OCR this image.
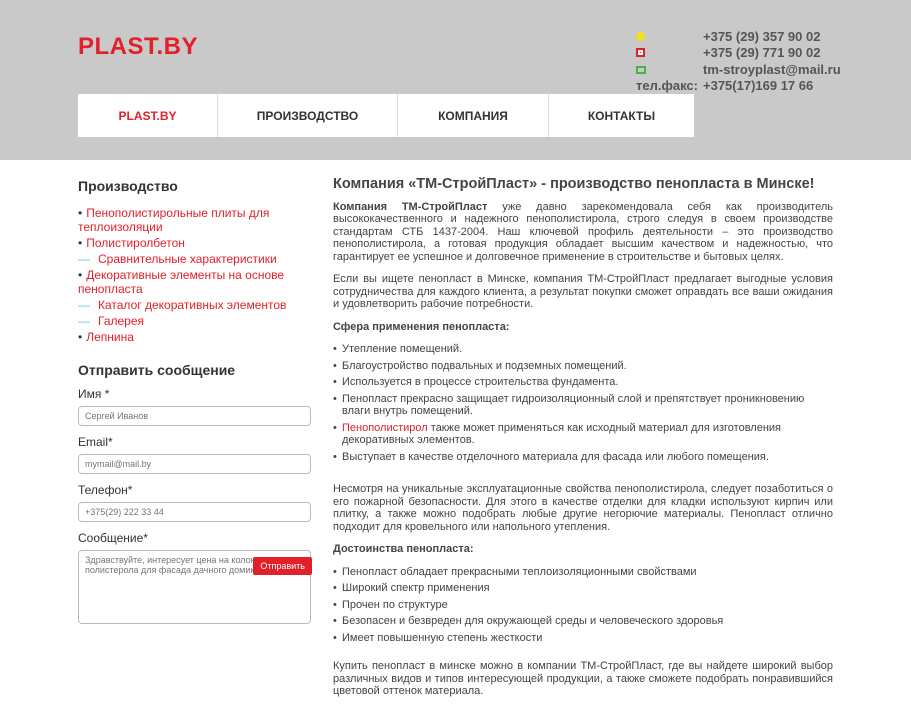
PLAST.BY	+375 (29) 357 90 02
+375 (29) 771 90 02
tm-stroyplast@mail.ru
тел.факс: +375(17)169 17 66
PLAST.BY	ПРОИЗВОДСТВО	КОМПАНИЯ	КОНТАКТЫ
Производство
• Пенополистирольные плиты для теплоизоляции
• Полистиролбетон
— Сравнительные характеристики
• Декоративные элементы на основе пенопласта
— Каталог декоративных элементов
— Галерея
• Лепнина
Отправить сообщение
Имя *
Сергей Иванов
Email*
mymail@mail.by
Телефон*
+375(29) 222 33 44
Сообщение*
Здравствуйте, интересует цена на колонны из полистерола для фасада дачного домика. Спасибо.
Отправить
Компания «ТМ-СтройПласт» - производство пенопласта в Минске!

Компания ТМ-СтройПласт уже давно зарекомендовала себя как производитель высококачественного и надежного пенополистирола, строго следуя в своем производстве стандартам СТБ 1437-2004. Наш ключевой профиль деятельности – это производство пенополистирола, а готовая продукция обладает высшим качеством и надежностью, что гарантирует ее успешное и долговечное применение в строительстве и бытовых целях.

Если вы ищете пенопласт в Минске, компания ТМ-СтройПласт предлагает выгодные условия сотрудничества для каждого клиента, а результат покупки сможет оправдать все ваши ожидания и удовлетворить рабочие потребности.

Сфера применения пенопласта:
• Утепление помещений.
• Благоустройство подвальных и подземных помещений.
• Используется в процессе строительства фундамента.
• Пенопласт прекрасно защищает гидроизоляционный слой и препятствует проникновению влаги внутрь помещений.
• Пенополистирол также может применяться как исходный материал для изготовления декоративных элементов.
• Выступает в качестве отделочного материала для фасада или любого помещения.

Несмотря на уникальные эксплуатационные свойства пенополистирола, следует позаботиться о его пожарной безопасности. Для этого в качестве отделки для кладки используют кирпич или плитку, а также можно подобрать любые другие негорючие материалы. Пенопласт отлично подходит для кровельного или напольного утепления.

Достоинства пенопласта:
• Пенопласт обладает прекрасными теплоизоляционными свойствами
• Широкий спектр применения
• Прочен по структуре
• Безопасен и безвреден для окружающей среды и человеческого здоровья
• Имеет повышенную степень жесткости

Купить пенопласт в минске можно в компании ТМ-СтройПласт, где вы найдете широкий выбор различных видов и типов интересующей продукции, а также сможете подобрать понравившийся цветовой оттенок материала.
